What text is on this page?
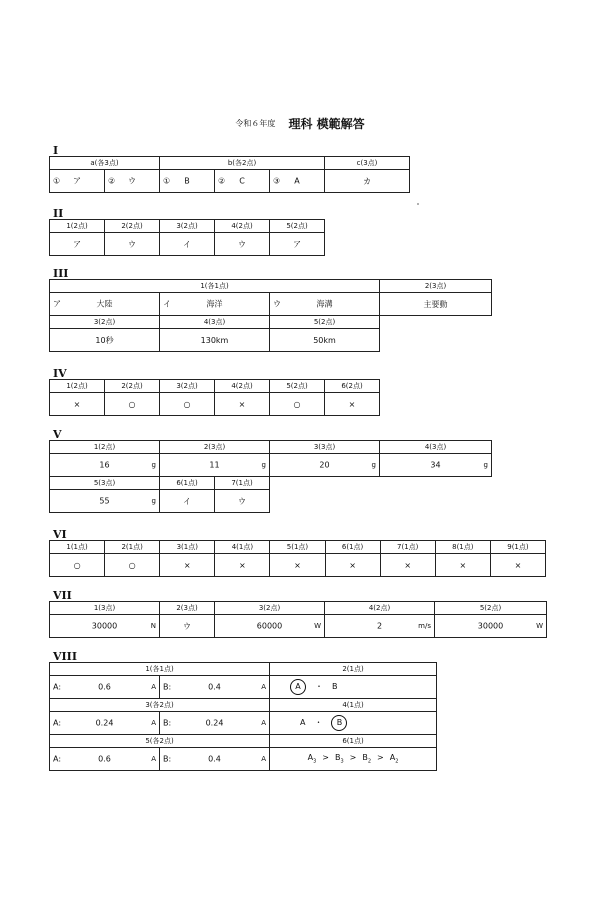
令和６年度 理科 模範解答
I
a(各3点)		b(各2点)			c(3点)

① ア	② ウ	① B	② C	③ A	カ
II
1(2点)	2(2点)	3(2点)	4(2点)	5(2点)
ア	ウ	イ	ウ	ア
III
1(各1点)			2(3点)

ア 大陸	イ 海洋	ウ 海溝	主要動
3(2点)	4(3点)	5(2点)	
10秒	130km	50km	
IV
1(2点)	2(2点)	3(2点)	4(2点)	5(2点)	6(2点)
×	○	○	×	○	×
V
1(2点)	2(3点)		3(3点)	4(3点)

16 g	11 g		20 g	34 g

5(3点)	6(1点)	7(1点)		

55 g	イ	ウ		
VI
1(1点)	2(1点)	3(1点)	4(1点)	5(1点)	6(1点)	7(1点)	8(1点)	9(1点)
○	○	×	×	×	×	×	×	×
VII
1(3点)	2(3点)	3(2点)	4(2点)	5(2点)

30000 N	ウ	60000 W	2 m/s	30000 W
VIII
1(各1点)		2(1点)

A: 0.6 A	B: 0.4 A	A ・ B
3(各2点)		4(1点)

A: 0.24 A	B: 0.24 A	A ・ B
5(各2点)		6(1点)

A: 0.6 A	B: 0.4 A	$A_3 > B_3 > B_2 > A_2$
